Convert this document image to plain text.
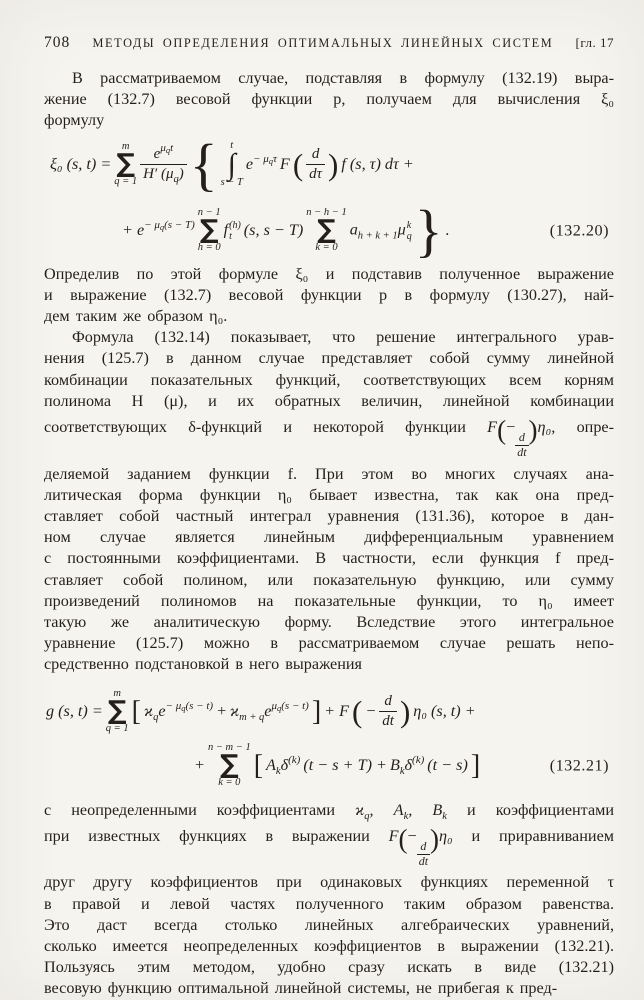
708 МЕТОДЫ ОПРЕДЕЛЕНИЯ ОПТИМАЛЬНЫХ ЛИНЕЙНЫХ СИСТЕМ [гл. 17
В рассматриваемом случае, подставляя в формулу (132.19) выра-
жение (132.7) весовой функции p, получаем для вычисления ξ₀
формулу
ξ₀ (s, t) =
m
∑
q = 1
$e^{\mu_qt}$
H′ $(\mu_q)$ { t
∫
s − T
$e^{- \mu_q\tau}$ F ( $\frac{d}{d\tau}$ ) f (s, τ) dτ +
+ $e^{- \mu_q(s - T)}$
n − 1
∑
h = 0
f (h)
t (s, s − T)
n − h − 1
∑
k = 0
$a_{h + k + 1}\mu$ k
q } .	(132.20)
Определив по этой формуле ξ₀ и подставив полученное выражение
и выражение (132.7) весовой функции p в формулу (130.27), най-
дем таким же образом η₀.
Формула (132.14) показывает, что решение интегрального урав-
нения (125.7) в данном случае представляет собой сумму линейной
комбинации показательных функций, соответствующих всем корням
полинома H (μ), и их обратных величин, линейной комбинации
соответствующих δ-функций и некоторой функции F(−
$\frac{d}{dt}$
)η₀, опре-
деляемой заданием функции f. При этом во многих случаях ана-
литическая форма функции η₀ бывает известна, так как она пред-
ставляет собой частный интеграл уравнения (131.36), которое в дан-
ном случае является линейным дифференциальным уравнением
с постоянными коэффициентами. В частности, если функция f пред-
ставляет собой полином, или показательную функцию, или сумму
произведений полиномов на показательные функции, то η₀ имеет
такую же аналитическую форму. Вследствие этого интегральное
уравнение (125.7) можно в рассматриваемом случае решать непо-
средственно подстановкой в него выражения
g (s, t) =
m
∑
q = 1
[ $ϰ_qe^{- \mu_q(s - t)} + ϰ_{m + q}e^{\mu_q(s - t)}$ ] + F ( − $\frac{d}{dt}$ ) η₀ (s, t) +
+
n − m − 1
∑
k = 0
[ $A_k\delta^{(k)}$ $(t - s + T) + B_k\delta^{(k)}$ (t − s) ]	(132.21)
с неопределенными коэффициентами $ϰ_q$, $A_k$, $B_k$ и коэффициентами
при известных функциях в выражении F(−
$\frac{d}{dt}$
)η₀ и приравниванием
друг другу коэффициентов при одинаковых функциях переменной τ
в правой и левой частях полученного таким образом равенства.
Это даст всегда столько линейных алгебраических уравнений,
сколько имеется неопределенных коэффициентов в выражении (132.21).
Пользуясь этим методом, удобно сразу искать в виде (132.21)
весовую функцию оптимальной линейной системы, не прибегая к пред-
